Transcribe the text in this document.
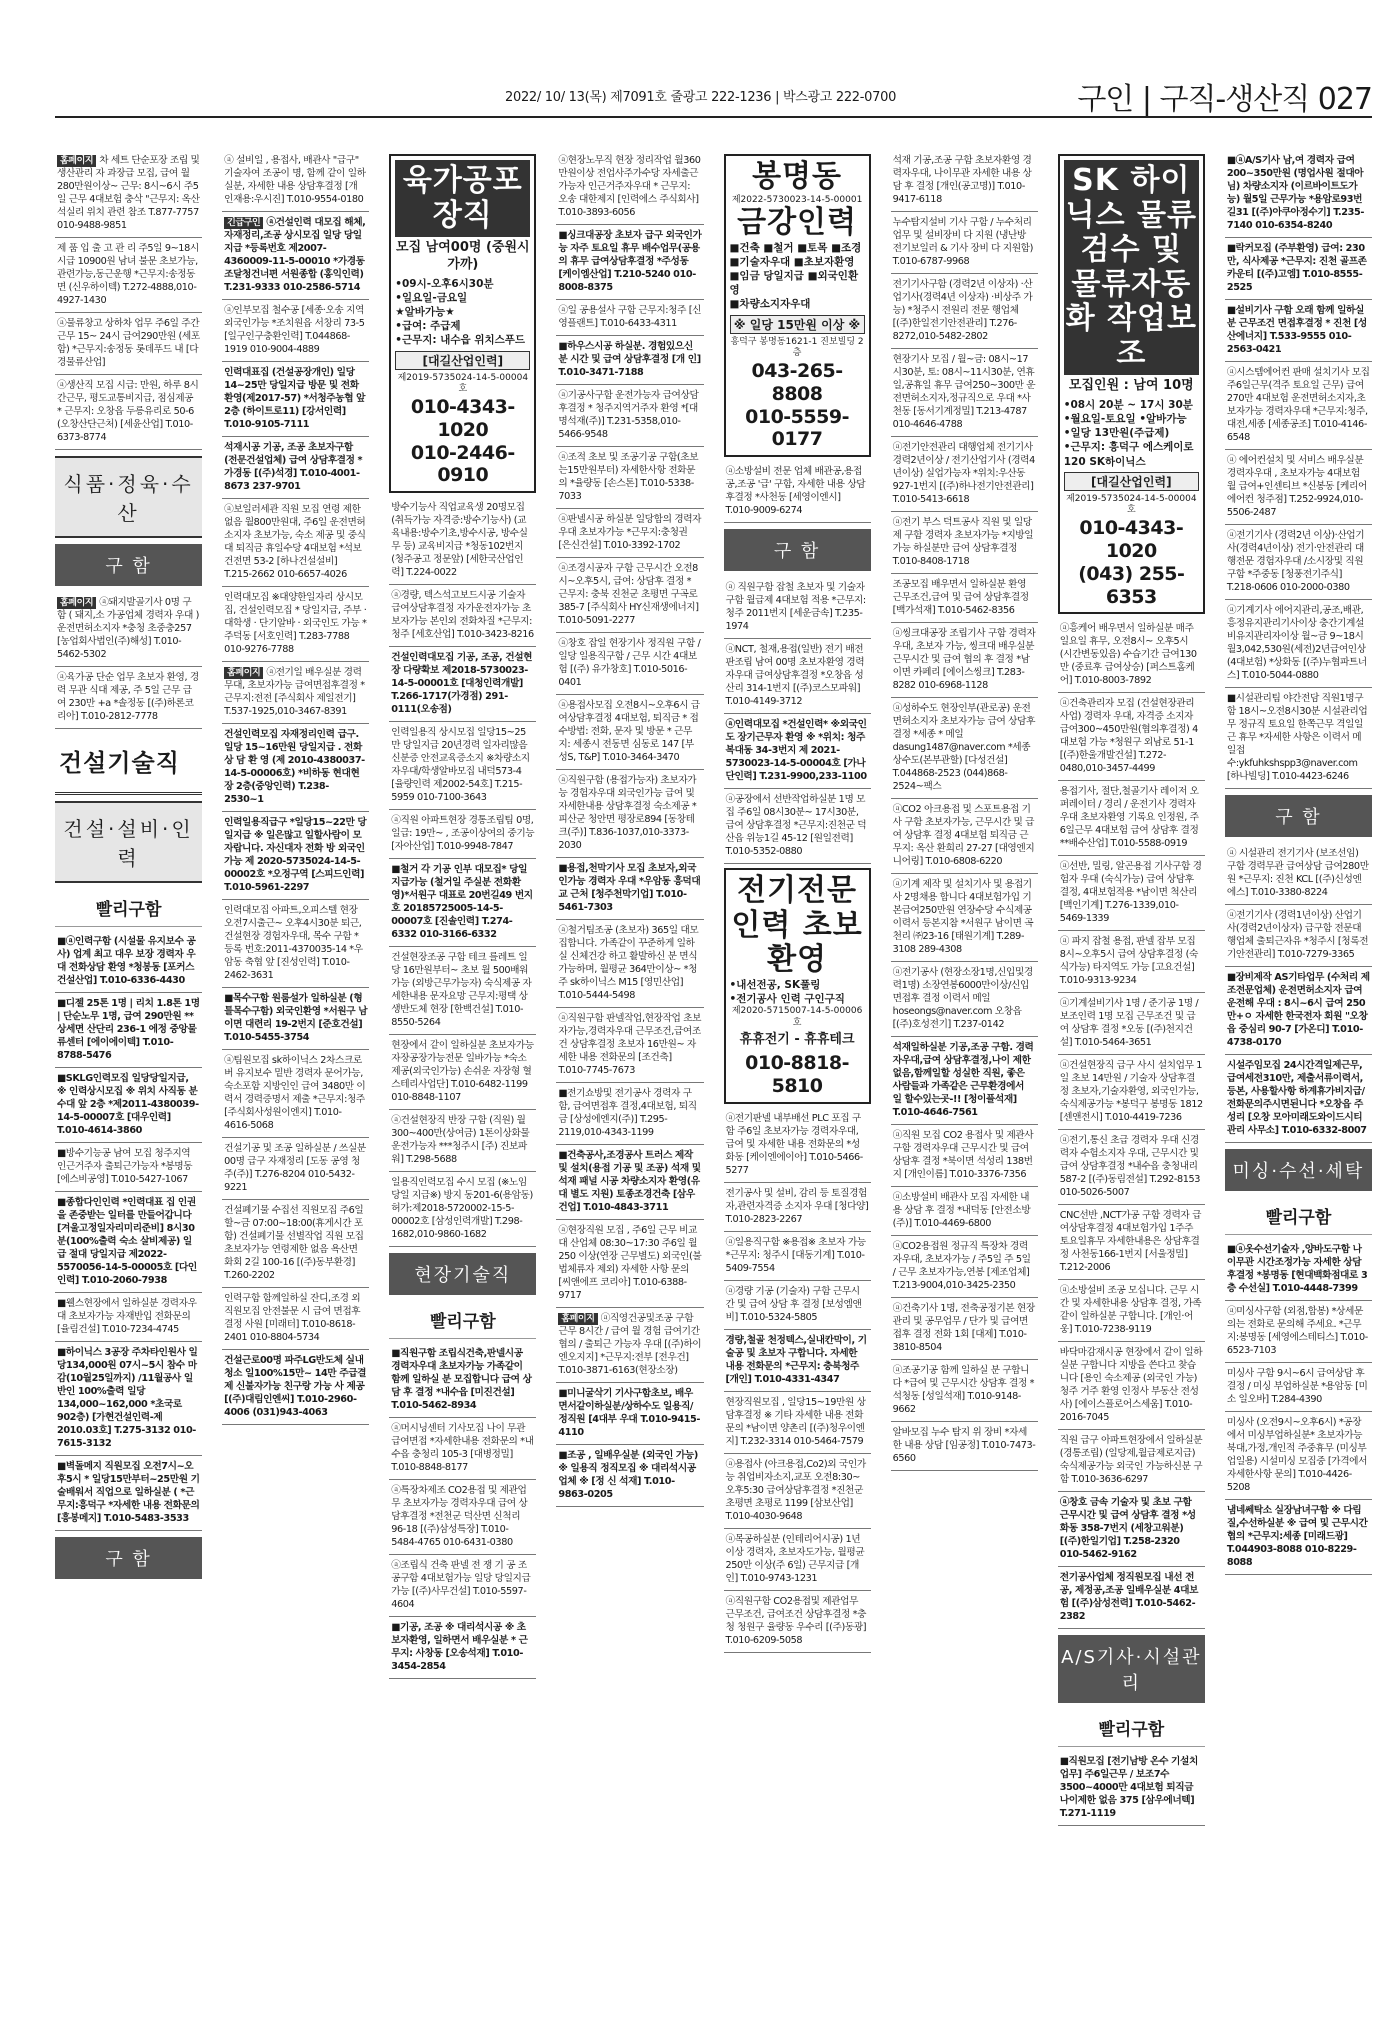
2022/ 10/ 13(목) 제7091호 줄광고 222-1236 | 박스광고 222-0700	구인 | 구직-생산직 027
홈페이지 차 세트 단순포장 조립 및 생산관리 자 과장급 모집, 급여 월280만원이상~ 근무: 8시~6시 주5일 근무 4대보험 충삭 "근무지: 옥산 석실리 위치 관련 참조 T.877-7757 010-9488-9851
제 품 입 출 고 관 리 주5일 9~18시 시급 10900원 남녀 불문 초보가능,관련가능,동근운행 *근무지:송정동 면 (신우하이텍) T.272-4888,010-4927-1430
ⓐ물류창고 상하차 업무 주6일 주간근무 15~ 24시 급여290만원 (세포함) *근무지:송정동 롯데푸드 내 [다경물류산업]
ⓐ생산직 모집 시급: 만원, 하루 8시간근무, 평도교통비지급, 점심제공 * 근무지: 오창읍 두릉유리로 50-6 (오창산단근처) [세윤산업] T.010-6373-8774
식품·정육·수산
구 함
홈페이지 ⓐ돼지발골기사 0명 구함 ( 돼지,소 가공업체 경력자 우대 ) 운전면허소지자 *충청 초중충257 [농업회사법인(주)해성] T.010-5462-5302
ⓐ육가공 단순 업무 초보자 환영, 경력 무관 식대 제공, 주 5일 근무 급여 230만 +a *솔정동 [(주)하론코리아] T.010-2812-7778
건설기술직
건설·설비·인력
빨리구함
■ⓐ인력구함 (시설물 유지보수 공사) 업계 최고 대우 보장 경력자 우대 전화상담 환영 *청봉동 [포커스건설산업] T.010-6336-4430
■디젤 25톤 1명 | 리치 1.8톤 1명 | 단순노무 1명, 급여 290만원 **상세면 산단리 236-1 에정 중앙물류센터 [에이에이텍] T.010-8788-5476
■SKLG인력모집 일당당일지급, ※ 인력상시모집 ※ 위치 사직동 분수대 앞 2층 *제2011-4380039-14-5-00007호 [대우인력] T.010-4614-3860
■방수기능공 남여 모집 청주지역 인근거주자 출퇴근가능자 *봉명동 [에스비공영] T.010-5427-1067
■종합다인인력 *인력대표 집 인권을 존중받는 일터를 만들어갑니다 [겨울고정일자리미리준비] 8시30분(100%출력 숙소 살비제공) 일급 절대 당일지급 제2022-5570056-14-5-00005호 [다인인력] T.010-2060-7938
■웰스현장에서 일하실분 경력자우대 초보자가능 자재반입 전화문의 [율림건설] T.010-7234-4745
■하이닉스 3공장 주차타인원사 일당134,000원 07시~5시 참수 마감(10월25일까지) /11월공사 일반인 100%출력 일당134,000~162,000 *초국로902층) [가현건설인력-제2010.03호] T.275-3132 010-7615-3132
■벽돌메지 직원모집 오전7시~오후5시 * 일당15만부터~25만원 기술배워서 직업으로 일하실분 ( *근무지:흥덕구 *자세한 내용 전화문의 [흥봉메지] T.010-5483-3533
구 함
ⓐ 설비일 , 용접사, 배관사 "급구" 기술자여 조공이 명, 함께 같이 일하실분, 자세한 내용 상담후결정 [개 인재용:우시진] T.010-9554-0180
긴급구인 ⓐ건설인력 대모집 해체,자재정리,조공 상시모집 일당 당일지급 *등록번호 제2007-4360009-11-5-00010 *가경동 조달청건너편 서원종합 (홍익인력) T.231-9333 010-2586-5714
ⓐ인부모집 철수공 [세종·오송 지역 외국인가능 *조치원읍 서창리 73-5 [일구인구충환인력] T.044868-1919 010-9004-4889
인력대표집 (건설공장개인) 일당14~25만 당일지급 방문 및 전화 환영(제2017-57) *서청주농협 앞 2층 (하이트로11) [강서인력] T.010-9105-7111
석재시공 기공, 조공 초보자구함 (전문건설업체) 급여 상담후결정 *가경동 [(주)석경] T.010-4001-8673 237-9701
ⓐ보일러세관 직원 모집 연령 제한없음 월800만원대, 주6일 운전면허소지자 초보가능, 숙소 제공 및 중식대 퇴직금 휴일수당 4대보험 *석보건전면 53-2 [하나건설설비] T.215-2662 010-6657-4026
인력대모집 ※대양한일자리 상시모집, 건설인력모집 * 당일지급, 주부 · 대학생 · 단기알바 · 외국인도 가능 *주덕동 [서호인력] T.283-7788 010-9276-7788
홈페이지 ⓐ전기일 배우실분 경력무대, 초보자가능 급여면접후결정 *근무지:전전 [주식회사 제일전기] T.537-1925,010-3467-8391
건설인력모집 자재정리인력 급구. 일당 15~16만원 당일지급 . 전화 상 담 환 영 (제 2010-4380037-14-5-00006호) *비하동 현대현장 2층(중앙인력) T.238-2530~1
인력일용직급구 *일당15~22만 당일지급 ※ 일은많고 일할사람이 모자랍니다. 자신대자 전화 방 외국인가능 제 2020-5735024-14-5-00002호 *오정구역 [스피드인력] T.010-5961-2297
인력대모집 아파트,오피스텔 현장 오전7시출근~ 오후4시30분 퇴근, 건설현장 경험자우대, 목수 구함 *등록 번호:2011-4370035-14 *우암동 축협 앞 [진성인력] T.010-2462-3631
■목수구함 원룸설가 일하실분 (형틀목수구함) 외국인환영 *서원구 남이면 대련리 19-2번지 [준호건설] T.010-5455-3754
ⓐ팀원모집 sk하이닉스 2차스크로버 유지보수 밑반 경력자 문어가능, 숙소포함 지방인인 급여 3480만 이력서 경력증명서 제출 *근무지:청주 [주식회사성원이엔지] T.010-4616-5068
건설기공 및 조공 일하실분 / 쓰실분 00명 급구 자재정리 [도동 공영 청주(주)] T.276-8204 010-5432-9221
건설폐기물 수집선 직원모집 주6일 할~금 07:00~18:00(휴게시간 포함) 건설폐기물 선별작업 직원 모집 초보자가능 연령제한 없음 욕산면 화회 2길 100-16 [(주)동부환경] T.260-2202
인력구함 함께일하실 잔디,조경 외 직원모집 안전불문 시 급여 면접후결정 사원 [미래터] T.010-8618-2401 010-8804-5734
건설근로00명 파주LG반도체 실내청소 일100%15만~ 14만 주급결제 신불자가능 친구랑 가능 사 제공 [(주)대림인엔씨] T.010-2960-4006 (031)943-4063
육가공포장직
모집 남여00명 (중원시 가까)
•09시-오후6시30분
•일요일-금요일
★알바가능★
•급여: 주급제
•근무지: 내수읍 위치스푸드
[대길산업인력]
제2019-5735024-14-5-00004호
010-4343-1020
010-2446-0910
방수기능사 직업교육생 20명모집(취득가능 자격증:방수기능사) (교육내용:방수기초,방수시공, 방수실무 등) 교육비지급 *청동102번지(청주공고 정문앞) [세한국산업인력] T.224-0022
ⓐ경량, 텍스석고보드시공 기술자 급여상담후결정 자가운전자가능 초보자가능 본인외 전화차질 *근무지:청주 [세호산업] T.010-3423-8216
건설인력대모집 기공, 조공, 건설현장 다량확보 제2018-5730023-14-5-00001호 [대청인력개발] T.266-1717(가경점) 291-0111(오송점)
인력일용직 상시모집 일당15~25만 당일지급 20년경력 일자리많음 신분증 안전교육증소지 ※차량소지자우대/학생알바모집 내덕573-4 [율량인력 제2002-54호] T.215-5959 010-7100-3643
ⓐ직원 아파트현장 경통조립팀 0명, 일급: 19만~ , 조공이상여의 중기능 [자아산업] T.010-9948-7847
■철거 각 기공 인부 대모집* 당일지급가능 (철거일 주실분 전화환영)*서원구 대표로 20번길49 번지호 20185725005-14-5-00007호 [진솔인력] T.274-6332 010-3166-6332
건설현장조공 구함 테크 를레트 일당 16만원부터~ 초보 월 500배워 가능 (외방근무가능자) 숙식제공 자세한내용 문자요망 근무지:평택 상생반도체 현장 [한백건설] T.010-8550-5264
현장에서 같이 일하실분 초보자가능 자장공장가능전문 일바가능 *숙소제공(외국인가능) 손쉬운 자장형 혈스테리사업단] T.010-6482-1199 010-8848-1107
ⓐ건설현장직 반장 구함 (직원) 월300~400만(상여금) 1톤이상화물운전가능자 ***청주시 [주) 진보파워] T.298-5688
일용직인력모집 수시 모집 (※노임당일 지급※) 방지 동201-6(용암동) 허가:제2018-5720002-15-5-00002호 [삼성인력개발] T.298-1682,010-9860-1682
현장기술직
빨리구함
■직원구함 조립식건축,판넬시공 경력자우대 초보자가능 가족같이 함께 일하실 분 모집합니다 급여 상담 후 결정 *내수읍 [미진건설] T.010-5462-8934
ⓐ머시닝센터 기사모집 나이 무관 급여면접 *자세한내용 전화문의 *내수읍 충청리 105-3 [대병정밀] T.010-8848-8177
ⓐ특장차제조 CO2용접 및 제관업무 초보자가능 경력자우대 급여 상담후결정 *전천군 덕산면 신척리 96-18 [(주)삼성특장] T.010-5484-4765 010-6431-0380
ⓐ조립식 건축 판넬 전 쟁 기 공 조공구함 4대보험가능 일당 당일지급가능 [(주)사무건설] T.010-5597-4604
■기공, 조공 ※ 대리석시공 ※ 초보자환영, 일하면서 배우실분 * 근무지: 사창동 [오송석재] T.010-3454-2854
ⓐ현장노무직 현장 정리작업 월360만원이상 전업사주가수당 자세출근가능자 인근거주자우대 * 근무지: 오송 대한제지 [인력에스 주식회사] T.010-3893-6056
■싱크대공장 초보자 급구 외국인가능 자주 토요일 휴무 배수업무(공용의 휴무 급여상담후결정 *주성동 [케이엠산업] T.210-5240 010-8008-8375
ⓐ일 공용설사 구함 근무지:청주 [신영플랜트] T.010-6433-4311
■하우스시공 하실분. 경험있으신분 시간 및 급여 상담후결정 [개 인] T.010-3471-7188
ⓐ기공사구함 운전가능자 급여상담후결정 * 청주지역거주자 환영 *[대명석재(주)] T.231-5358,010-5466-9548
ⓐ조적 초보 및 조공기공 구함(초보는15만원부터) 자세한사항 전화문의 *율량동 [손스톤] T.010-5338-7033
ⓐ판넬시공 하실분 일당합의 경력자우대 초보자가능 *근무지:충청권 [은신건설] T.010-3392-1702
ⓐ조경시공자 구함 근무시간 오전8시~오후5시, 급여: 상담후 결정 * 근무지: 충북 진천군 초평면 구곡로 385-7 [주식회사 HY신재생에너지] T.010-5091-2277
ⓐ창호 잡일 현장기사 정직원 구함 / 일당 일용직구함 / 근무 시간 4대보험 [(주) 유가창호] T.010-5016-0401
ⓐ용접사모집 오전8시~오후6시 급여상담후결정 4대보험, 퇴직금 * 접수방법: 전화, 문자 및 방문 * 근무지: 세종시 전동면 심동로 147 [부성S, T&P] T.010-3464-3470
ⓐ직원구함 (용접가능자) 초보자가능 경험자우대 외국인가능 급여 및 자세한내용 상담후결정 숙소제공 *피산군 청안면 평장로894 [동창테크(주)] T.836-1037,010-3373-2030
■용접,천막기사 모집 초보자,외국인가능 경력자 우대 *우암동 흥덕대교 근처 [청주천막기업] T.010-5461-7303
ⓐ철거팀조공 (초보자) 365일 대모집합니다. 가족같이 꾸준하게 일하실 신체건강 하고 활발하신 분 면식 가능하며, 월평균 364만이상~ *청주 sk하이닉스 M15 [영민산업] T.010-5444-5498
ⓐ직원구함 판넬작업,현장작업 초보자가능,경력자우대 근무조건,급여조건 상담후결정 초보자 16만원~ 자세한 내용 전화문의 [조건축] T.010-7745-7673
■전기쇼방및 전기공사 경력자 구함, 급여면접후 결정,4대보험, 퇴직금 [상성에엔지(주)] T.295-2119,010-4343-1199
■건축공사,조경공사 트러스 제작 및 설치(용접 기공 및 조공) 석재 및 석재 패널 시공 차량소지자 환영(유대 별도 지원) 토종조경건축 [삼우건업] T.010-4843-3711
ⓐ현장직원 모집 , 주6일 근무 비교대 산업체 08:30~17:30 주6일 월250 이상(연장 근무별도) 외국인(불법체류자 제외) 자세한 사항 문의 [씨앤에프 코리아] T.010-6388-9717
홈페이지 ⓐ직영건공및조공 구함 근무 8시간 / 급여 월 경험 급여기간 협의 / 출퇴근 가능자 우대 [(주)하이엔오지지] *근무지:전부 [전우건] T.010-3871-6163(현장소장)
■미니굴삭기 기사구함초보, 배우면서같이하실분/상하수도 일용직/정직원 [4대부 우대 T.010-9415-4110
■조공 , 일배우실분 (외국인 가능) ※ 일용직 정직모집 ※ 대리석시공업체 ※ [정 신 석재] T.010-9863-0205
봉명동
제2022-5730023-14-5-00001
금강인력
■건축 ■철거 ■토목 ■조경
■기술자우대 ■초보자환영
■임금 당일지급 ■외국인환영
■차량소지자우대
※ 일당 15만원 이상 ※
흥덕구 봉명동1621-1 진보빌딩 2층
043-265-8808
010-5559-0177
ⓐ소방설비 전문 업체 배관공,용접공,조공 '급' 구함, 자세한 내용 상담후결정 *사천동 [세영이엔시] T.010-9009-6274
구 함
ⓐ 직원구함 잡철 초보자 및 기술자구함 월급제 4대보험 적용 *근무지:청주 2011번지 [세운금속] T.235-1974
ⓐNCT, 철재,용접(일반) 전기 배전판조립 남여 00명 초보자환영 경력자우대 급여상담후결정 *오창읍 성산리 314-1번지 [(주)코스모파워] T.010-4149-3712
ⓐ인력대모집 *건설인력* ※외국인도 장기근무자 환영 ※ *위치: 청주 복대동 34-3번지 제 2021-5730023-14-5-00004호 [가나단인력] T.231-9900,233-1100
ⓐ공장에서 선반작업하실분 1명 모집 주6일 08시30분~ 17시30분, 급여 상담후결정 *근무지:진천군 덕산읍 위능1길 45-12 [원일전력] T.010-5352-0880
전기전문인력 초보환영
•내선전공, SK풀링
•전기공사 인력 구인구직
제2020-5715007-14-5-00006호
휴휴전기 - 휴휴테크
010-8818-5810
ⓐ전기판넬 내부배선 PLC 포집 구함 주6일 초보자가능 경력자우대, 급여 및 자세한 내용 전화문의 *성화동 [케이엔에이아] T.010-5466-5277
전기공사 및 설비, 감리 등 토질경험자,관련자격증 소지자 우대 [청다양] T.010-2823-2267
ⓐ일용직구함 ※용접※ 초보자 가능 *근무지: 청주시 [대동기계] T.010-5409-7554
ⓐ경량 기공 (기술자) 구함 근무시간 및 급여 상담 후 결정 [보성엠앤비] T.010-5324-5805
경량,철골 천정텍스,실내칸막이, 기술공 및 초보자 구합니다. 자세한 내용 전화문의 *근무지: 충북청주 [개인] T.010-4331-4347
현장직원모집 , 일당15~19만원 상담후결정 ※ 기타 자세한 내용 전화문의 *남이면 양촌리 [(주)청우이엔지] T.232-3314 010-5464-7579
ⓐ용접사 (아크용접,Co2)외 국인가능 취업비자소지,교포 오전8:30~오후5:30 급여상담후결정 *진천군 초평면 초평로 1199 [삼보산업] T.010-4030-9648
ⓐ목공하실분 (인테리어시공) 1년이상 경력자, 초보자도가능, 월평균250만 이상(주 6일) 근무지급 [개인] T.010-9743-1231
ⓐ직원구함 CO2용접및 제관업무 근무조건, 급여조건 상담후결정 *충청 청원구 율량동 우수리 [(주)동광] T.010-6209-5058
석재 기공,조공 구함 초보자환영 경력자우대, 나이무관 자세한 내용 상담 후 결정 [개인(공고명)] T.010-9417-6118
누수탐지설비 기사 구함 / 누수처리 업무 및 설비장비 다 지원 (냉난방 전기보일러 & 기사 장비 다 지원함) T.010-6787-9968
전기기사구함 (경력2년 이상자) ·산업기사(경력4년 이상자) ·비상주 가능) *청주시 전원리 전문 행업체 [(주)한일전기안전관리] T.276-8272,010-5482-2802
현장기사 모집 / 월~금: 08시~17시30분, 토: 08시~11시30분, 연휴일,공휴일 휴무 급여250~300만 운전면허소지자,정규직으로 우대 *사천동 [동서기계정밀] T.213-4787 010-4646-4788
ⓐ전기안전관리 대행업체 전기기사 경력2년이상 / 전기산업기사 (경력4년이상) 실업가능자 *위치:우산동 927-1번지 [(주)하나전기안전관리] T.010-5413-6618
ⓐ전기 부스 덕트공사 직원 및 일당제 구함 경력자 초보자가능 *지방일 가능 하실분만 급여 상담후결정 T.010-8408-1718
조공모집 배우면서 일하실분 환영 근무조건,급여 및 급여 상담후결정 [백가석재] T.010-5462-8356
ⓐ씽크대공장 조립기사 구함 경력자 우대, 초보자 가능, 씽크대 배우실분 근무시간 및 급여 협의 후 결정 *남이면 카페리 [에이스씽크] T.283-8282 010-6968-1128
ⓐ성하수도 현장인부(관로공) 운전면허소지자 초보자가능 급여 상담후결정 *세종 * 메일 dasung1487@naver.com *세종상수도(본부관할) [다성건설] T.044868-2523 (044)868-2524~팩스
ⓐCO2 아크용접 및 스포트용접 기사 구함 초보자가능, 근무시간 및 급여 상담후 결정 4대보험 퇴직금 근무지: 옥산 환희리 27-27 [대영엔지니어링] T.010-6808-6220
ⓐ기계 제작 및 설치기사 및 용접기사 2명채용 합니다 4대보험가입 기본급여250만원 연장수당 수식제공 이력서 등본지참 *서원구 남이면 곡천리 ㈜23-16 [태원기계] T.289-3108 289-4308
ⓐ전기공사 (현장소장1명,신입및경력1명) 소장연봉6000만이상/신입 면접후 결정 이력서 메일 hoseongs@naver.com 오창읍 [(주)호성전기] T.237-0142
석재일하실분 기공,조공 구함. 경력자우대,급여 상담후결정,나이 제한없음,함께일할 성실한 직원, 좋은 사람들과 가족같은 근무환경에서 일 할수있는곳-!! [청이플석재] T.010-4646-7561
ⓐ직원 모집 CO2 용접사 및 제관사 구함 경력자우대 근무시간 및 급여 상담후 결정 *북이면 석성리 138번지 [개인이름] T.010-3376-7356
ⓐ소방설비 배관사 모집 자세한 내용 상담 후 결정 *내덕동 [안전소방(주)] T.010-4469-6800
ⓐCO2용접원 정규직 특장차 경력자우대, 초보자가능 / 주5일 주 5일 / 근무 초보자가능,연봉 [제조업체] T.213-9004,010-3425-2350
ⓐ건축기사 1명, 전축공정기본 현장관리 및 공무업무 / 단가 및 급여면접후 결정 전화 1회 [대제] T.010-3810-8504
ⓐ조공기공 함께 일하실 분 구합니다 *급여 및 근무시간 상담후 결정 *석청동 [성일석재] T.010-9148-9662
알바모집 누수 탐지 위 장비 *자세한 내용 상담 [임공정] T.010-7473-6560
SK 하이닉스 물류검수 및 물류자동화 작업보조
모집인원 : 남여 10명
•08시 20분 ~ 17시 30분
•월요일-토요일 •알바가능
•일당 13만원(주급제)
•근무지: 흥덕구 에스케이로 120 SK하이닉스
[대길산업인력]
제2019-5735024-14-5-00004호
010-4343-1020
(043) 255-6353
ⓐ흥케어 배우면서 일하실분 매주 일요일 휴무, 오전8시~ 오후5시 (시간변동있음) 수습기간 급여130만 (중료후 급여상승) [퍼스트홈케어] T.010-8003-7892
ⓐ건축관리자 모집 (건설현장관리 사업) 경력자 우대, 자격증 소지자 급여300~450만원(협의후결정) 4대보험 가능 *청원구 외남로 51-1 [(주)한울개발건설] T.272-0480,010-3457-4499
용접기사, 절단,철골기사 레이저 오퍼레이터 / 경리 / 운전기사 경력자우대 초보자환영 기록요 인정원, 주6일근무 4대보험 급여 상담후 결정 **배수산업] T.010-5588-0919
ⓐ선반, 밀링, 알곤용접 기사구함 경험자 우대 (숙식가능) 급여 상담후 결정, 4대보험적용 *남이면 척산리 [백인기계] T.276-1339,010-5469-1339
ⓐ 파지 잡철 용접, 판넬 잡부 모집 8시~오후5시 급여 상담후결정 (숙식가능) 타지역도 가능 [고요건설] T.010-9313-9234
ⓐ기계설비기사 1명 / 준기공 1명 / 보조인력 1명 모집 근무조건 및 급여 상담후 결정 *오동 [(주)천지건설] T.010-5464-3651
ⓐ건설현장직 급구 사시 설치업무 1일 초보 14만원 / 기술자 상담후결정 초보자,기술자환영, 외국인가능, 숙식제공가능 *봉덕구 봉명동 1812 [센앤전시] T.010-4419-7236
ⓐ전기,통신 초급 경력자 우대 신경력자 수험소지자 우대, 근무시간 및 급여 상담후결정 *내수읍 충청내리 587-2 [(주)동림전설] T.292-8153 010-5026-5007
CNC선반 ,NCT가공 구함 경력자 급여상담후결정 4대보험가입 1주주 토요일휴무 자세한내용은 상담후결정 사천동166-1번지 [서울정밀] T.212-2006
ⓐ소방설비 조공 모십니다. 근무 시간 및 자세한내용 상담후 결정, 가족같이 일하실분 구합니다. [개인·어웅] T.010-7238-9119
바닥마감재시공 현장에서 같이 일하실분 구합니다 지방을 쓴다고 찾습니다 [용인 숙소제공 (외국인 가능) 청주 거주 환영 인정사 부동산 전성사) [에이스플로어스세움] T.010-2016-7045
직원 급구 아파트현장에서 일하실분(경통조립) (일당제,월급제로지급) 숙식제공가능 외국인 가능하신분 구함 T.010-3636-6297
ⓐ창호 금속 기술자 및 초보 구함 근무시간 및 급여 상담후 결정 *성화동 358-7번지 (세창고워분) [(주)한일기업] T.258-2320 010-5462-9162
전기공사업체 정직원모집 내선 전공, 제정공,조공 일배우실분 4대보험 [(주)삼성전력] T.010-5462-2382
A/S기사·시설관리
빨리구함
■직원모집 [전기남방 온수 기설치업무] 주6일근무 / 보조7수 3500~4000만 4대보험 퇴직금 나이제한 없음 375 [삼우에너텍] T.271-1119
■ⓐA/S기사 남,여 경력자 급여 200~350만원 (명업사원 절대아님) 차량소지자 (이르바이트도가능) 월5일 근무가능 *용암로93번길31 [(주)아쿠아정수기] T.235-7140 010-6354-8240
■락커모집 (주부환영) 급여: 230만, 식사제공 *근무지: 진천 골프존카운티 [(주)고엠] T.010-8555-2525
■설비기사 구함 오래 함께 일하실분 근무조건 면접후결정 * 진천 [성산에너지] T.533-9555 010-2563-0421
ⓐ시스템에어컨 판매 설치기사 모집 주6일근무(격주 토요일 근무) 급여270만 4대보험 운전면허소지자,초보자가능 경력자우대 *근무지:청주,대전,세종 [세종공조] T.010-4146-6548
ⓐ 에어컨설치 및 서비스 배우실분 경력자우대 , 초보자가능 4대보험 월 급여+인센티브 *신봉동 [케리어에어컨 청주점] T.252-9924,010-5506-2487
ⓐ전기기사 (경력2년 이상)·산업기사(경력4년이상) 전기·안전관리 대행전문 경험자우대 /소시장및 직원구함 *주중동 [청풍전기주식] T.218-0606 010-2000-0380
ⓐ기계기사 에어지관리,공조,배관,흥정유지관리기사이상 충간기계설비유지관리자이상 월~금 9~18시 월3,042,530원(세전)2년급여인상(4대보험) *상화동 [(주)누협파트너스] T.010-5044-0880
■시설관리팀 야간전담 직원1명구함 18시~오전8시30분 시설관리업무 정규직 토요일 한쪽근무 격일일근 휴무 *자세한 사항은 이력서 메일접수:ykfuhkshspp3@naver.com [하나빌딩] T.010-4423-6246
구 함
ⓐ 시설관리 전기기사 (보조선임) 구함 경력무관 급여상담 급여280만원 *근무지: 진천 KCL [(주)신성엔에스] T.010-3380-8224
ⓐ전기기사 (경력1년이상) 산업기사(경력2년이상자) 급구함 전문대행업체 출퇴근자유 *청주시 [청록전기안전관리] T.010-7279-3365
■장비제작 AS기타업무 (수처리 제조전문업체) 운전면허소지자 급여 운전해 우대 : 8시~6시 급여 250만+ㅇ 자세한 한국전자 회원 "오창읍 중심리 90-7 [가온디] T.010-4738-0170
시설주임모집 24시간격일제근무,급여세전310만, 제출서류이력서,등본, 사용할사항 하계휴가비지급/전화문의주시면된니다 *오창읍 주성리 [오창 모아미래도와이드시티관리 사무소] T.010-6332-8007
미싱·수선·세탁
빨리구함
■ⓐ옷수선기술자 ,양바도구함 나이무관 시간조정가능 자세한 상담후결정 *봉명동 [현대백화점대로 3층 수선실] T.010-4448-7399
ⓐ미싱사구함 (외점,합봉) *상세문의는 전화로 문의해 주세요. *근무지:봉명동 [세영에스테티스] T.010-6523-7103
미싱사 구함 9시~6시 급여상담 후결정 / 미싱 부업하실분 *용암동 [미소 일오바] T.284-4390
미싱사 (오전9시~오후6시) *공장에서 미싱부업하실분* 초보자가능 북대,가정,개인적 주중휴무 (미싱부업일용) 시설미싱 모집중 [가격에서 자세한사항 문의] T.010-4426-5208
냄네쎄탁소 실장남녀구함 ※ 다림질,수선하실분 ※ 급여 및 근무시간 협의 *근무지:세종 [미래드광] T.044903-8088 010-8229-8088
